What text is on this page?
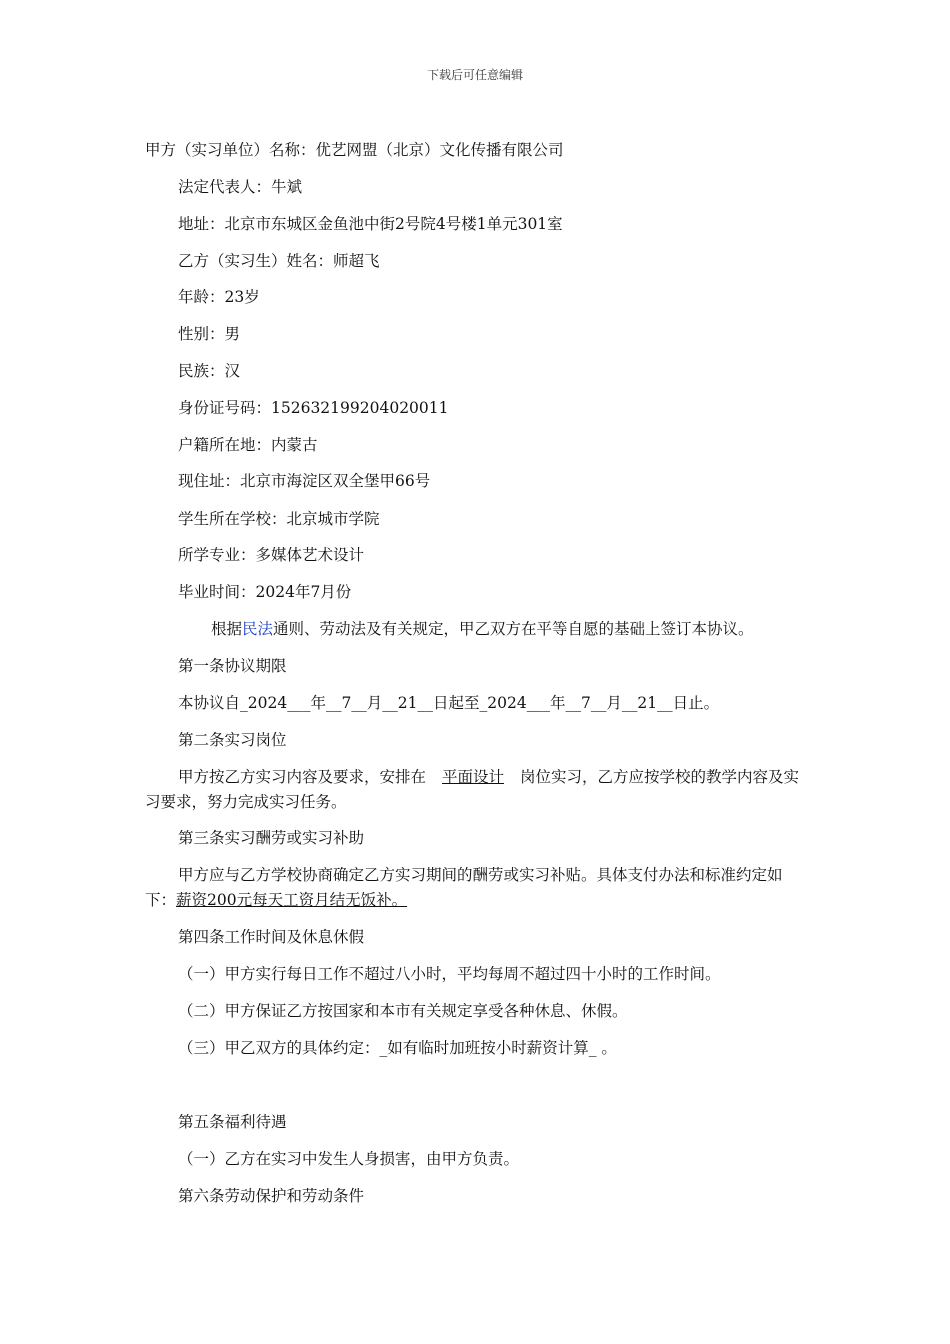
下载后可任意编辑
甲方（实习单位）名称：优艺网盟（北京）文化传播有限公司
法定代表人：牛斌
地址：北京市东城区金鱼池中街2号院4号楼1单元301室
乙方（实习生）姓名：师超飞
年龄：23岁
性别：男
民族：汉
身份证号码：152632199204020011
户籍所在地：内蒙古
现住址：北京市海淀区双全堡甲66号
学生所在学校：北京城市学院
所学专业：多媒体艺术设计
毕业时间：2024年7月份
根据民法通则、劳动法及有关规定，甲乙双方在平等自愿的基础上签订本协议。
第一条协议期限
本协议自_2024___年__7__月__21__日起至_2024___年__7__月__21__日止。
第二条实习岗位
甲方按乙方实习内容及要求，安排在 平面设计 岗位实习，乙方应按学校的教学内容及实习要求，努力完成实习任务。
第三条实习酬劳或实习补助
甲方应与乙方学校协商确定乙方实习期间的酬劳或实习补贴。具体支付办法和标准约定如下：薪资200元每天工资月结无饭补。
第四条工作时间及休息休假
（一）甲方实行每日工作不超过八小时，平均每周不超过四十小时的工作时间。
（二）甲方保证乙方按国家和本市有关规定享受各种休息、休假。
（三）甲乙双方的具体约定：_如有临时加班按小时薪资计算_ 。
第五条福利待遇
（一）乙方在实习中发生人身损害，由甲方负责。
第六条劳动保护和劳动条件
